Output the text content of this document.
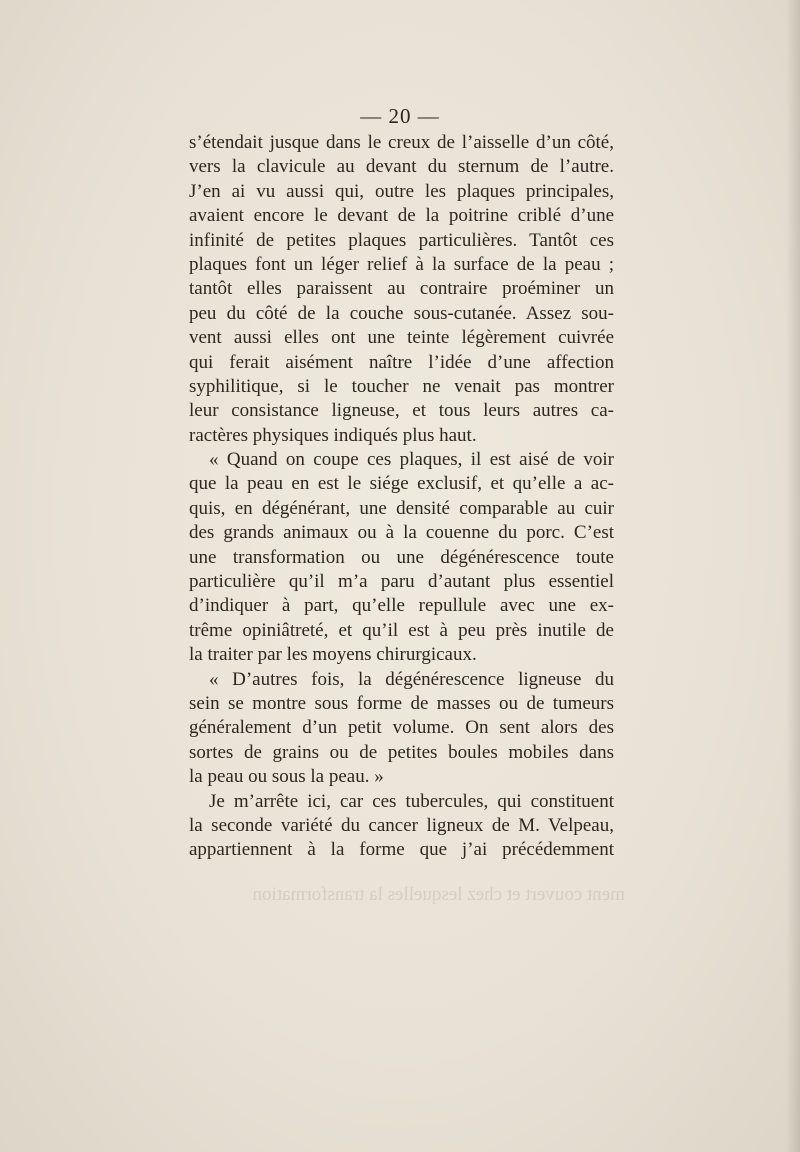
— 20 —
s’étendait jusque dans le creux de l’aisselle d’un côté,
vers la clavicule au devant du sternum de l’autre.
J’en ai vu aussi qui, outre les plaques principales,
avaient encore le devant de la poitrine criblé d’une
infinité de petites plaques particulières. Tantôt ces
plaques font un léger relief à la surface de la peau ;
tantôt elles paraissent au contraire proéminer un
peu du côté de la couche sous-cutanée. Assez sou-
vent aussi elles ont une teinte légèrement cuivrée
qui ferait aisément naître l’idée d’une affection
syphilitique, si le toucher ne venait pas montrer
leur consistance ligneuse, et tous leurs autres ca-
ractères physiques indiqués plus haut.
« Quand on coupe ces plaques, il est aisé de voir
que la peau en est le siége exclusif, et qu’elle a ac-
quis, en dégénérant, une densité comparable au cuir
des grands animaux ou à la couenne du porc. C’est
une transformation ou une dégénérescence toute
particulière qu’il m’a paru d’autant plus essentiel
d’indiquer à part, qu’elle repullule avec une ex-
trême opiniâtreté, et qu’il est à peu près inutile de
la traiter par les moyens chirurgicaux.
« D’autres fois, la dégénérescence ligneuse du
sein se montre sous forme de masses ou de tumeurs
généralement d’un petit volume. On sent alors des
sortes de grains ou de petites boules mobiles dans
la peau ou sous la peau. »
Je m’arrête ici, car ces tubercules, qui constituent
la seconde variété du cancer ligneux de M. Velpeau,
appartiennent à la forme que j’ai précédemment
ment couvert et chez lesquelles la transformation
